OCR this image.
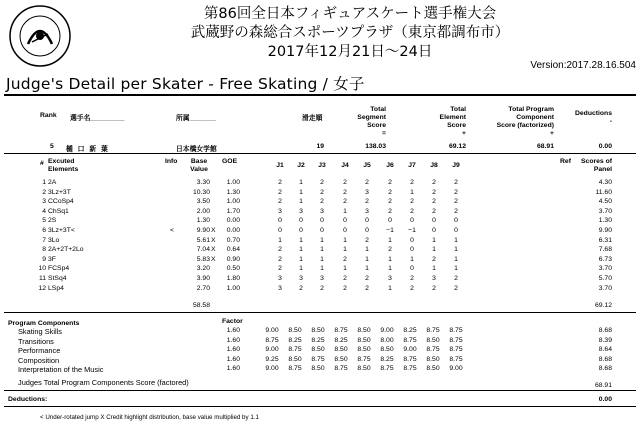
第86回全日本フィギュアスケート選手権大会
武蔵野の森総合スポーツプラザ（東京都調布市）
2017年12月21日〜24日
Version:2017.28.16.504
Judge's Detail per Skater - Free Skating / 女子
Rank 選手名_________	所属_______	滑走順
Total
Segment
Score
=
Total
Element
Score
+
Total Program
Component
Score (factorized)
+
Deductions
-
5 樋 口 新 葉	日本橋女学館	19	138.03	69.12	68.91	0.00
# Excuted
Elements
Info	Base
Value
GOE	Ref	Scores of
Panel
58.58	69.12
Program Components	Factor
Judges Total Program Components Score (factored)	68.91
Deductions:	0.00
< Under-rotated jump X Credit highlight distribution, base value multiplied by 1.1
J1	J2	J3	J4	J5	J6	J7	J8	J9
1 2A	3.30	1.00	2	1	2	2	2	2	2	2	2	4.30
2 3Lz+3T	10.30	1.30	2	1	2	2	3	2	1	2	2	11.60
3 CCoSp4	3.50	1.00	2	1	2	2	2	2	2	2	2	4.50
4 ChSq1	2.00	1.70	3	3	3	1	3	2	2	2	2	3.70
5 2S	1.30	0.00	0	0	0	0	0	0	0	0	0	1.30
6 3Lz+3T<	<	9.90 X	0.00	0	0	0	0	0	−1	−1	0	0	9.90
7 3Lo	5.61 X	0.70	1	1	1	1	2	1	0	1	1	6.31
8 2A+2T+2Lo	7.04 X	0.64	2	1	1	1	1	2	0	1	1	7.68
9 3F	5.83 X	0.90	2	1	1	2	1	1	1	2	1	6.73
10 FCSp4	3.20	0.50	2	1	1	1	1	1	0	1	1	3.70
11 StSq4	3.90	1.80	3	3	3	2	2	3	2	3	2	5.70
12 LSp4	2.70	1.00	3	2	2	2	2	1	2	2	2	3.70
Skating Skills	1.60	9.00	8.50	8.50	8.75	8.50	9.00	8.25	8.75	8.75	8.68
Transitions	1.60	8.75	8.25	8.25	8.25	8.50	8.00	8.75	8.50	8.75	8.39
Performance	1.60	9.00	8.75	8.50	8.50	8.50	8.50	9.00	8.75	8.75	8.64
Composition	1.60	9.25	8.50	8.75	8.50	8.75	8.25	8.75	8.50	8.75	8.68
Interpretation of the Music	1.60	9.00	8.75	8.50	8.75	8.50	8.75	8.75	8.50	9.00	8.68
